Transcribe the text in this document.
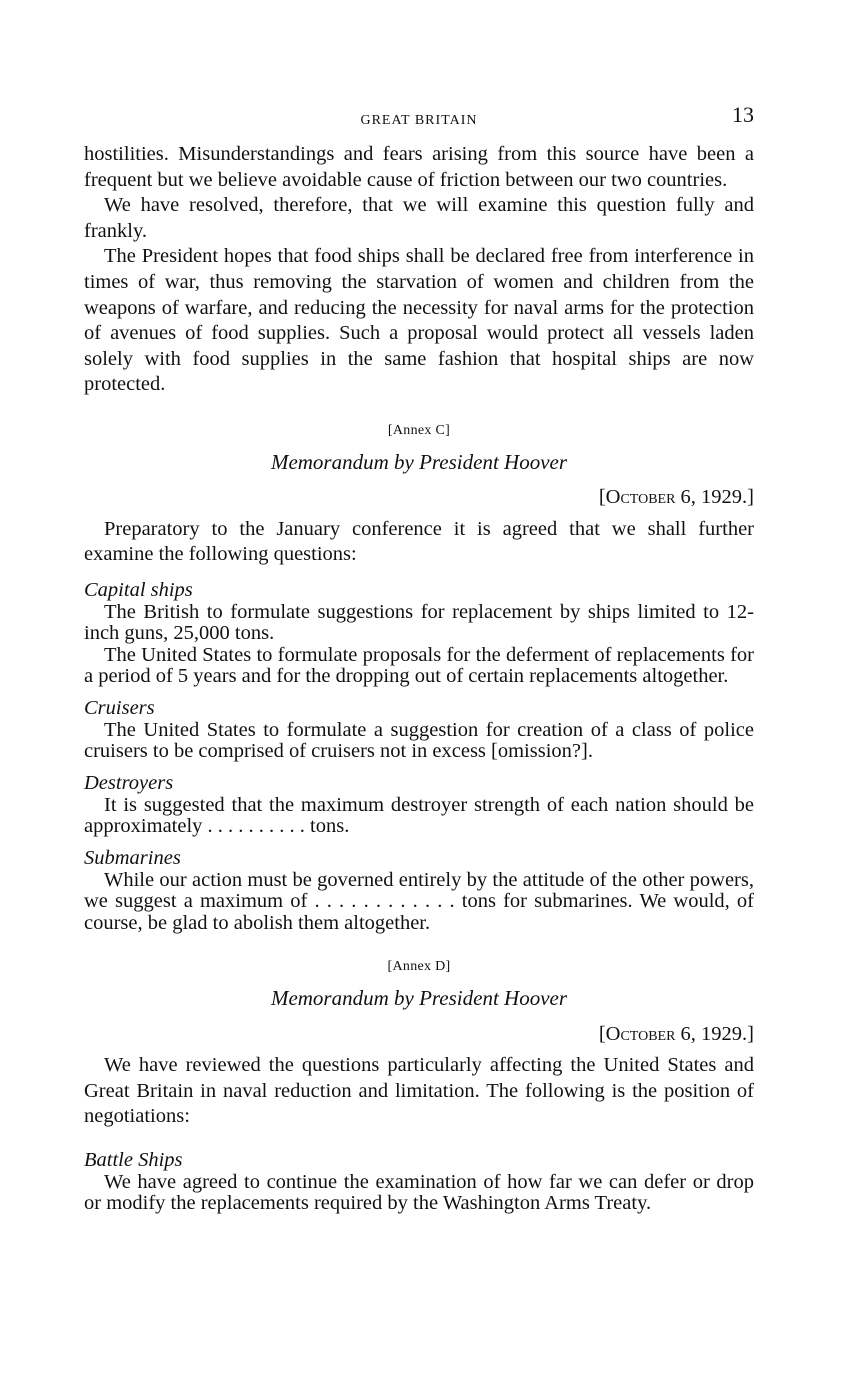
GREAT BRITAIN	13

hostilities. Misunderstandings and fears arising from this source have been a frequent but we believe avoidable cause of friction between our two countries.

We have resolved, therefore, that we will examine this question fully and frankly.

The President hopes that food ships shall be declared free from interference in times of war, thus removing the starvation of women and children from the weapons of warfare, and reducing the necessity for naval arms for the protection of avenues of food supplies. Such a proposal would protect all vessels laden solely with food supplies in the same fashion that hospital ships are now protected.

[Annex C]
Memorandum by President Hoover
[October 6, 1929.]

Preparatory to the January conference it is agreed that we shall further examine the following questions:

Capital ships

The British to formulate suggestions for replacement by ships limited to 12-inch guns, 25,000 tons.

The United States to formulate proposals for the deferment of replacements for a period of 5 years and for the dropping out of certain replacements altogether.

Cruisers

The United States to formulate a suggestion for creation of a class of police cruisers to be comprised of cruisers not in excess [omission?].

Destroyers

It is suggested that the maximum destroyer strength of each nation should be approximately . . . . . . . . . . tons.

Submarines

While our action must be governed entirely by the attitude of the other powers, we suggest a maximum of . . . . . . . . . . . . tons for submarines. We would, of course, be glad to abolish them altogether.

[Annex D]
Memorandum by President Hoover
[October 6, 1929.]

We have reviewed the questions particularly affecting the United States and Great Britain in naval reduction and limitation. The following is the position of negotiations:

Battle Ships

We have agreed to continue the examination of how far we can defer or drop or modify the replacements required by the Washington Arms Treaty.
